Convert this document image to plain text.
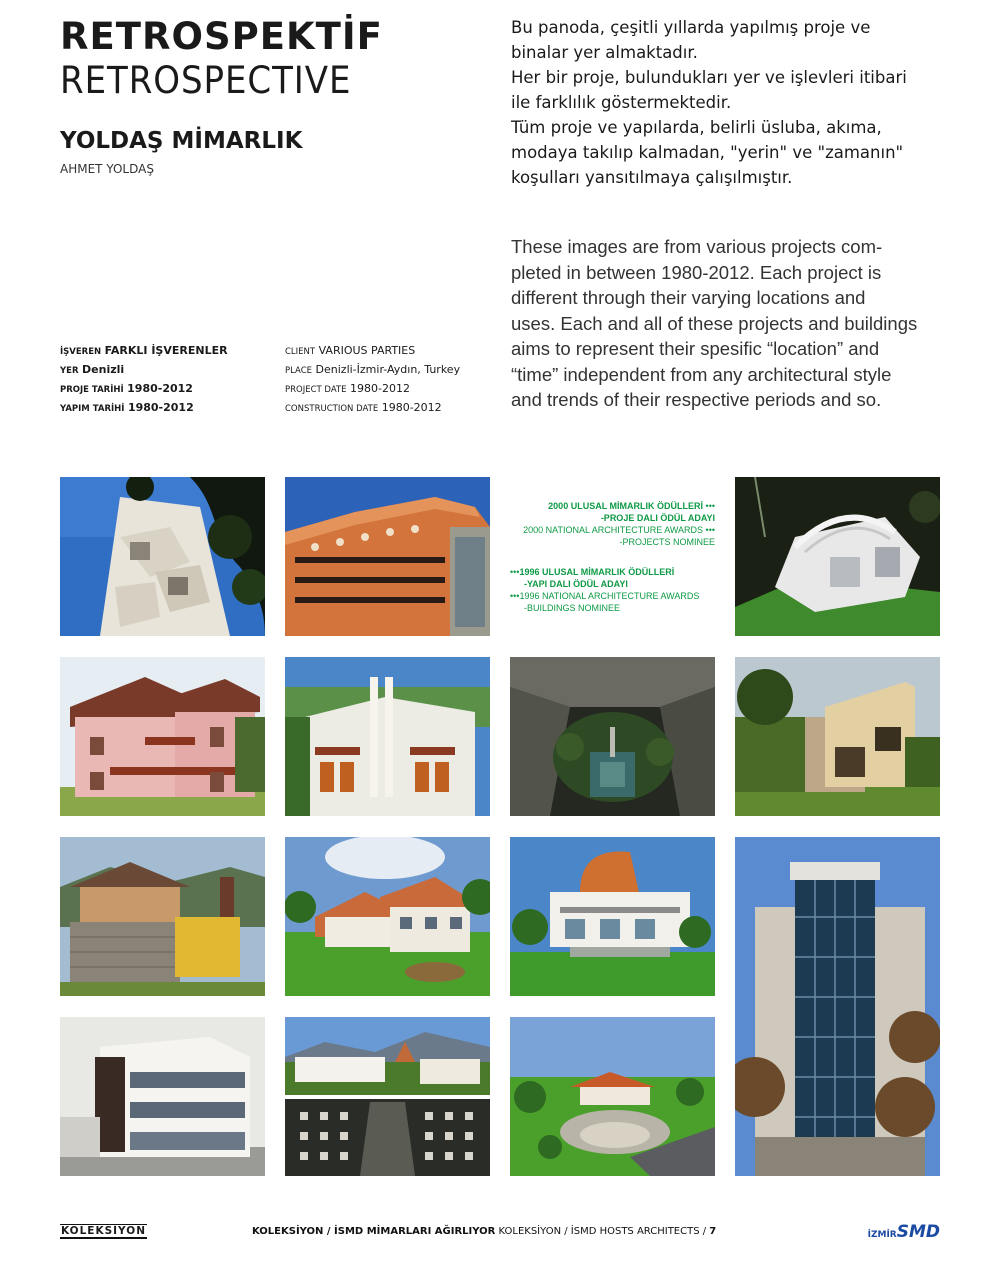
RETROSPEKTİF
RETROSPECTIVE
YOLDAŞ MİMARLIK
AHMET YOLDAŞ
Bu panoda, çeşitli yıllarda yapılmış proje ve
binalar yer almaktadır.
Her bir proje, bulundukları yer ve işlevleri itibari
ile farklılık göstermektedir.
Tüm proje ve yapılarda, belirli üsluba, akıma,
modaya takılıp kalmadan, "yerin" ve "zamanın"
koşulları yansıtılmaya çalışılmıştır.
These images are from various projects com-
pleted in between 1980-2012. Each project is
different through their varying locations and
uses. Each and all of these projects and buildings
aims to represent their spesific “location” and
“time” independent from any architectural style
and trends of their respective periods and so.
İŞVEREN FARKLI İŞVERENLER
YER Denizli
PROJE TARİHİ 1980-2012
YAPIM TARİHİ 1980-2012
CLIENT VARIOUS PARTIES
PLACE Denizli-İzmir-Aydın, Turkey
PROJECT DATE 1980-2012
CONSTRUCTION DATE 1980-2012
2000 ULUSAL MİMARLIK ÖDÜLLERİ •••
-PROJE DALI ÖDÜL ADAYI
2000 NATIONAL ARCHITECTURE AWARDS •••
-PROJECTS NOMINEE
•••1996 ULUSAL MİMARLIK ÖDÜLLERİ
-YAPI DALI ÖDÜL ADAYI
•••1996 NATIONAL ARCHITECTURE AWARDS
-BUILDINGS NOMINEE
KOLEKSİYON	KOLEKSİYON / İSMD MİMARLARI AĞIRLIYOR KOLEKSİYON / İSMD HOSTS ARCHITECTS / 7	İZMİRSMD
